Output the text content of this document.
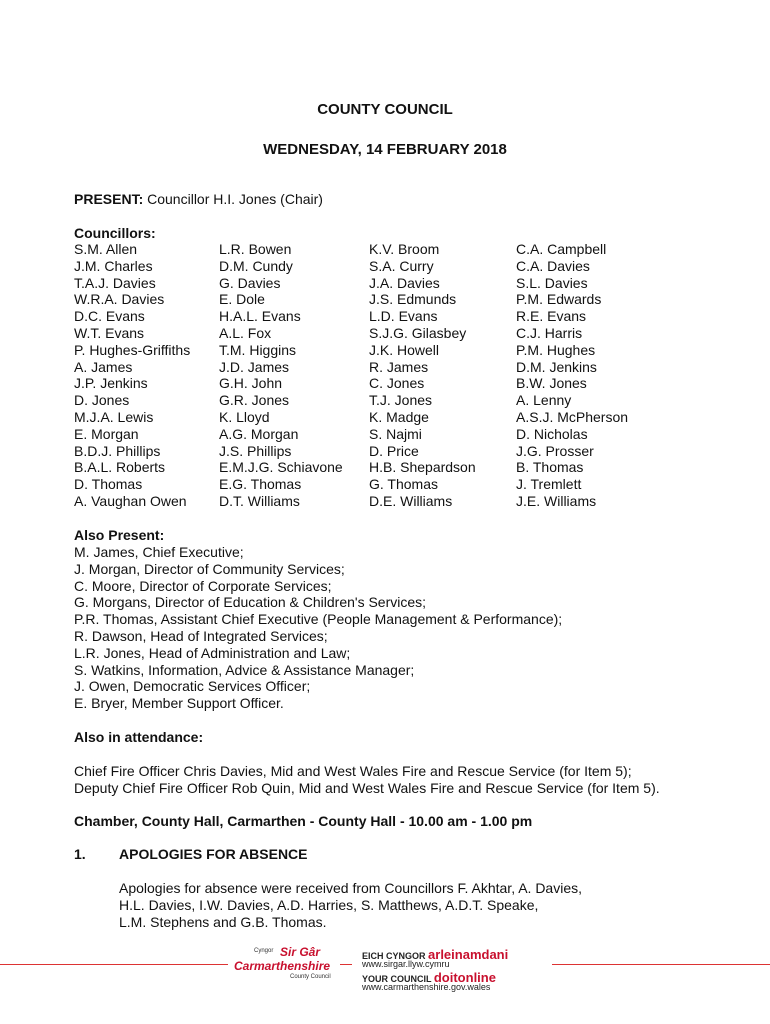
COUNTY COUNCIL
WEDNESDAY, 14 FEBRUARY 2018
PRESENT: Councillor H.I. Jones (Chair)
Councillors:
S.M. Allen
J.M. Charles
T.A.J. Davies
W.R.A. Davies
D.C. Evans
W.T. Evans
P. Hughes-Griffiths
A. James
J.P. Jenkins
D. Jones
M.J.A. Lewis
E. Morgan
B.D.J. Phillips
B.A.L. Roberts
D. Thomas
A. Vaughan Owen
L.R. Bowen
D.M. Cundy
G. Davies
E. Dole
H.A.L. Evans
A.L. Fox
T.M. Higgins
J.D. James
G.H. John
G.R. Jones
K. Lloyd
A.G. Morgan
J.S. Phillips
E.M.J.G. Schiavone
E.G. Thomas
D.T. Williams
K.V. Broom
S.A. Curry
J.A. Davies
J.S. Edmunds
L.D. Evans
S.J.G. Gilasbey
J.K. Howell
R. James
C. Jones
T.J. Jones
K. Madge
S. Najmi
D. Price
H.B. Shepardson
G. Thomas
D.E. Williams
C.A. Campbell
C.A. Davies
S.L. Davies
P.M. Edwards
R.E. Evans
C.J. Harris
P.M. Hughes
D.M. Jenkins
B.W. Jones
A. Lenny
A.S.J. McPherson
D. Nicholas
J.G. Prosser
B. Thomas
J. Tremlett
J.E. Williams
Also Present:
M. James, Chief Executive;
J. Morgan, Director of Community Services;
C. Moore, Director of Corporate Services;
G. Morgans, Director of Education & Children's Services;
P.R. Thomas, Assistant Chief Executive (People Management & Performance);
R. Dawson, Head of Integrated Services;
L.R. Jones, Head of Administration and Law;
S. Watkins, Information, Advice & Assistance Manager;
J. Owen, Democratic Services Officer;
E. Bryer, Member Support Officer.
Also in attendance:
Chief Fire Officer Chris Davies, Mid and West Wales Fire and Rescue Service (for Item 5);
Deputy Chief Fire Officer Rob Quin, Mid and West Wales Fire and Rescue Service (for Item 5).
Chamber, County Hall, Carmarthen - County Hall - 10.00 am - 1.00 pm
1. APOLOGIES FOR ABSENCE
Apologies for absence were received from Councillors F. Akhtar, A. Davies,
H.L. Davies, I.W. Davies, A.D. Harries, S. Matthews, A.D.T. Speake,
L.M. Stephens and G.B. Thomas.
Cyngor Sir Gâr
Carmarthenshire
County Council
EICH CYNGOR arleinamdani
www.sirgar.llyw.cymru
YOUR COUNCIL doitonline
www.carmarthenshire.gov.wales
